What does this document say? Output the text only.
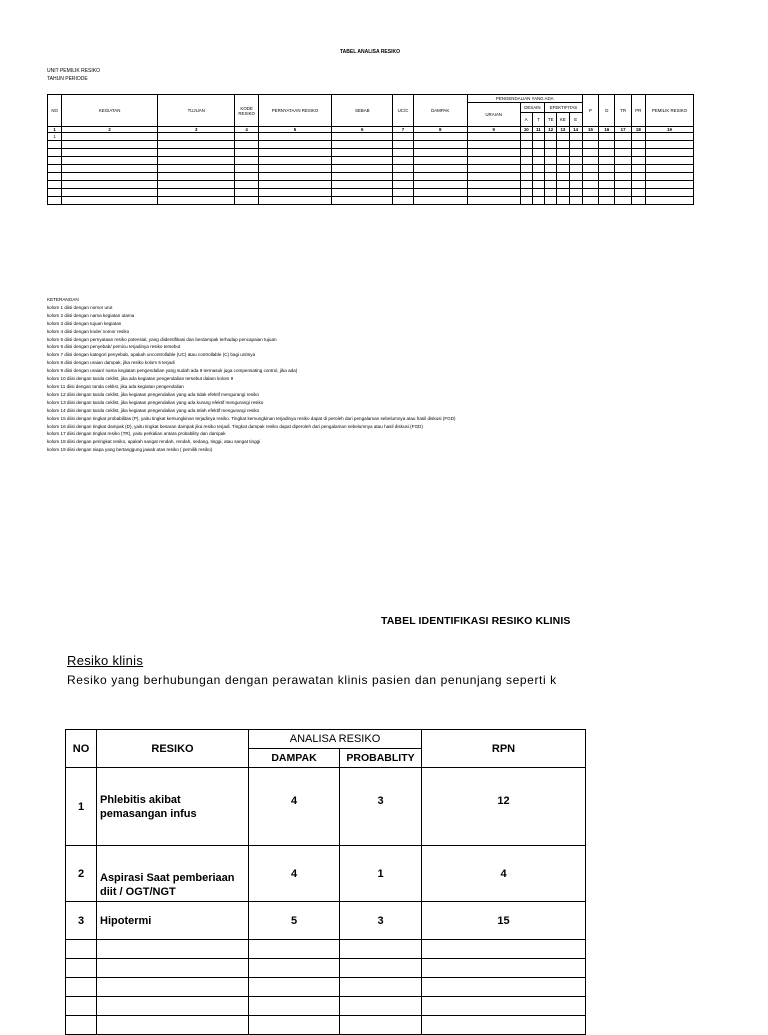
TABEL ANALISA RESIKO
UNIT PEMILIK RESIKO
TAHUN PERIODE
NO	KEGIATAN	TUJUAN	KODE RESIKO	PERNYATAAN RESIKO	SEBAB	UC/C	DAMPAK	PENGENDALIAN YANG ADA						P	D	TR	PR	PEMILIK RESIKO
								URAIAN	DESAIN		EFEKTIFITAS							
									A	T	TE	KE	E					
1	2	3	4	5	6	7	8	9	10	11	12	13	14	15	16	17	18	19
1																		

KETERANGAN
kolom 1 diisi dengan nomor urut
kolom 2 diisi dengan nama kegiatan utama
kolom 3 diisi dengan tujuan kegiatan
kolom 4 diisi dengan kode/ nomor resiko
kolom 5 diisi dengan pernyataan resiko potensial, yang diidentifikasi dan berdampak terhadap pencapaian tujuan
kolom 6 diisi dengan penyebab/ pemicu terjadinya resiko tersebut
kolom 7 diisi dengan kategori penyebab, apakah uncontrollable (UC) atau controllable (C) bagi unitnya
kolom 8 diisi dengan uraian dampak, jika resiko kolom 5 terjadi
kolom 9 diisi dengan uraian/ nama kegiatan pengendalian yang sudah ada 9 termasuk juga compensating control, jika ada)
kolom 10 diisi dengan tanda ceklist, jika ada kegiatan pengendalian tersebut dalam kolom 9
kolom 11 diisi dengan tanda ceklist, jika ada kegiatan pengendalian
kolom 12 diisi dengan tanda ceklist, jika kegiatan pengendalian yang ada tidak efektif mengurangi resiko
kolom 13 diisi dengan tanda ceklist, jika kegiatan pengendalian yang ada kurang efektif mengurangi resiko
kolom 14 diisi dengan tanda ceklist, jika kegiatan pengendalian yang ada telah efektif mengurangi resiko
kolom 15 diisi dengan tingkat probabilitas (P), yaitu tingkat kemungkinan terjadinya resiko. Tingkat kemungkinan terjadinya resiko dapat di peroleh dari pengalaman sebelumnya atau hasil diskusi (FGD)
kolom 16 diisi dengan tingkat dampak (D), yaitu tingkat besaran dampak jika resiko terjadi. Tingkat dampak resiko dapat diperoleh dari pengalaman sebelumnya atau hasil diskusi (FGD)
kolom 17 diisi dengan tingkat resiko (TR), yaitu perkalian antara probability dan dampak
kolom 18 diisi dengan peringkat resiko, apakah sangat rendah, rendah, sedang, tinggi, atau sangat tinggi
kolom 19 diisi dengan siapa yang bertanggung jawab atas resiko ( pemilik resiko)
TABEL IDENTIFIKASI RESIKO KLINIS
Resiko klinis
Resiko yang berhubungan dengan perawatan klinis pasien dan penunjang seperti k
NO	RESIKO	ANALISA RESIKO		RPN
		DAMPAK	PROBABLITY	
1	Phlebitis akibat pemasangan infus	4	3	12
2	Aspirasi Saat pemberiaan diit / OGT/NGT	4	1	4
3	Hipotermi	5	3	15
